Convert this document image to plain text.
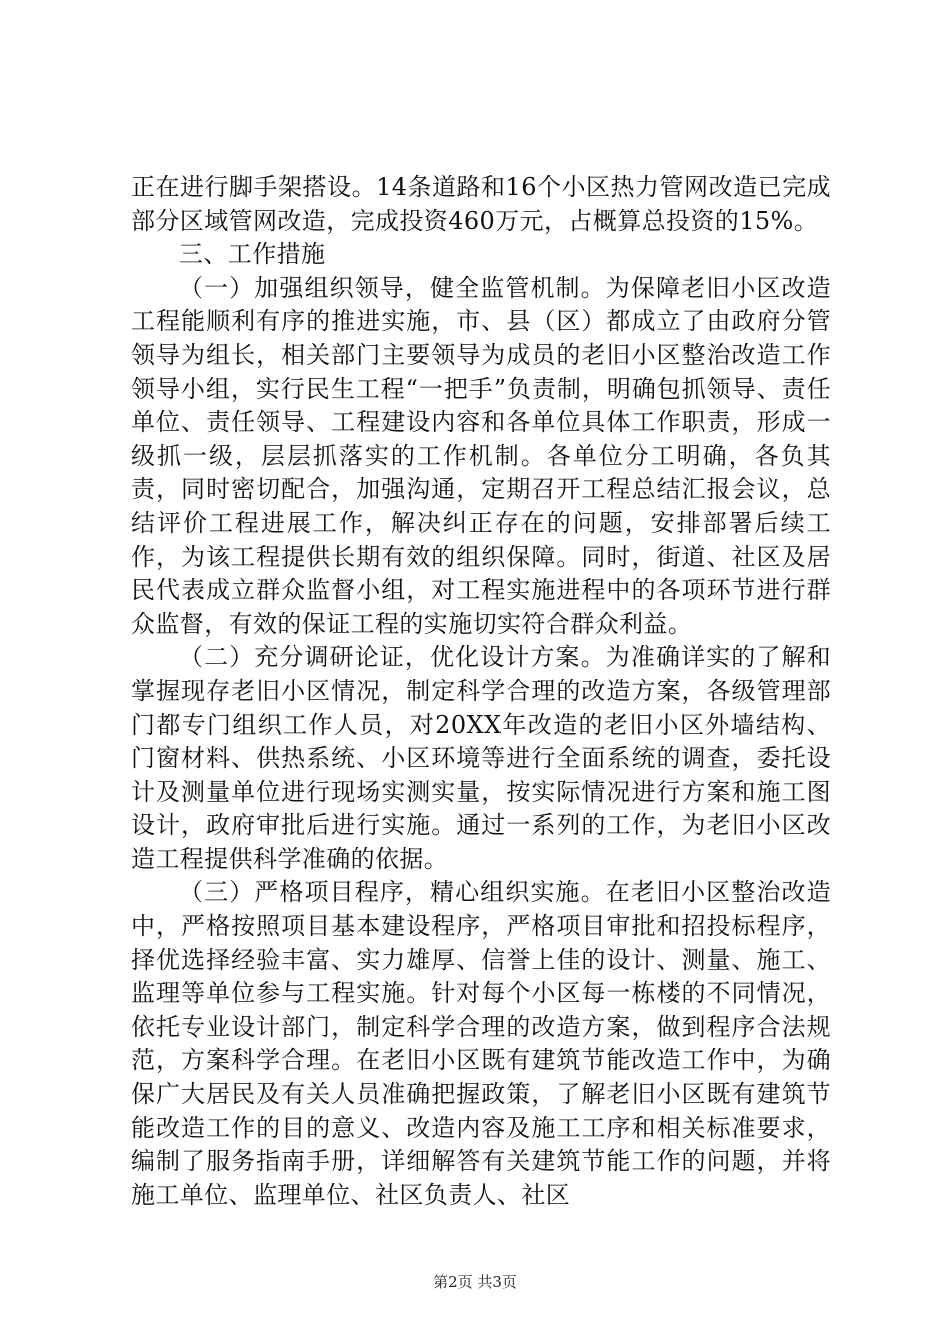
正在进行脚手架搭设。14条道路和16个小区热力管网改造已完成部分区域管网改造，完成投资460万元，占概算总投资的15%。

三、工作措施

（一）加强组织领导，健全监管机制。为保障老旧小区改造工程能顺利有序的推进实施，市、县（区）都成立了由政府分管领导为组长，相关部门主要领导为成员的老旧小区整治改造工作领导小组，实行民生工程“一把手”负责制，明确包抓领导、责任单位、责任领导、工程建设内容和各单位具体工作职责，形成一级抓一级，层层抓落实的工作机制。各单位分工明确，各负其责，同时密切配合，加强沟通，定期召开工程总结汇报会议，总结评价工程进展工作，解决纠正存在的问题，安排部署后续工作，为该工程提供长期有效的组织保障。同时，街道、社区及居民代表成立群众监督小组，对工程实施进程中的各项环节进行群众监督，有效的保证工程的实施切实符合群众利益。

（二）充分调研论证，优化设计方案。为准确详实的了解和掌握现存老旧小区情况，制定科学合理的改造方案，各级管理部门都专门组织工作人员，对20XX年改造的老旧小区外墙结构、门窗材料、供热系统、小区环境等进行全面系统的调查，委托设计及测量单位进行现场实测实量，按实际情况进行方案和施工图设计，政府审批后进行实施。通过一系列的工作，为老旧小区改造工程提供科学准确的依据。

（三）严格项目程序，精心组织实施。在老旧小区整治改造中，严格按照项目基本建设程序，严格项目审批和招投标程序，择优选择经验丰富、实力雄厚、信誉上佳的设计、测量、施工、监理等单位参与工程实施。针对每个小区每一栋楼的不同情况，依托专业设计部门，制定科学合理的改造方案，做到程序合法规范，方案科学合理。在老旧小区既有建筑节能改造工作中，为确保广大居民及有关人员准确把握政策，了解老旧小区既有建筑节能改造工作的目的意义、改造内容及施工工序和相关标准要求，编制了服务指南手册，详细解答有关建筑节能工作的问题，并将施工单位、监理单位、社区负责人、社区

第2页 共3页
